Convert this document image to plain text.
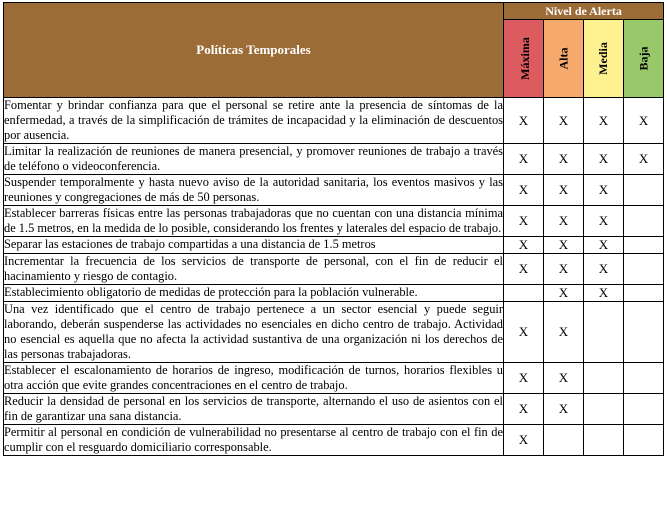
Políticas Temporales	Nivel de Alerta			
	Máxima	Alta	Media	Baja
Fomentar y brindar confianza para que el personal se retire ante la presencia de síntomas de la enfermedad, a través de la simplificación de trámites de incapacidad y la eliminación de descuentos por ausencia.	X	X	X	X
Limitar la realización de reuniones de manera presencial, y promover reuniones de trabajo a través de teléfono o videoconferencia.	X	X	X	X
Suspender temporalmente y hasta nuevo aviso de la autoridad sanitaria, los eventos masivos y las reuniones y congregaciones de más de 50 personas.	X	X	X	
Establecer barreras físicas entre las personas trabajadoras que no cuentan con una distancia mínima de 1.5 metros, en la medida de lo posible, considerando los frentes y laterales del espacio de trabajo.	X	X	X	
Separar las estaciones de trabajo compartidas a una distancia de 1.5 metros	X	X	X	
Incrementar la frecuencia de los servicios de transporte de personal, con el fin de reducir el hacinamiento y riesgo de contagio.	X	X	X	
Establecimiento obligatorio de medidas de protección para la población vulnerable.		X	X	
Una vez identificado que el centro de trabajo pertenece a un sector esencial y puede seguir laborando, deberán suspenderse las actividades no esenciales en dicho centro de trabajo. Actividad no esencial es aquella que no afecta la actividad sustantiva de una organización ni los derechos de las personas trabajadoras.	X	X		
Establecer el escalonamiento de horarios de ingreso, modificación de turnos, horarios flexibles u otra acción que evite grandes concentraciones en el centro de trabajo.	X	X		
Reducir la densidad de personal en los servicios de transporte, alternando el uso de asientos con el fin de garantizar una sana distancia.	X	X		
Permitir al personal en condición de vulnerabilidad no presentarse al centro de trabajo con el fin de cumplir con el resguardo domiciliario corresponsable.	X			
